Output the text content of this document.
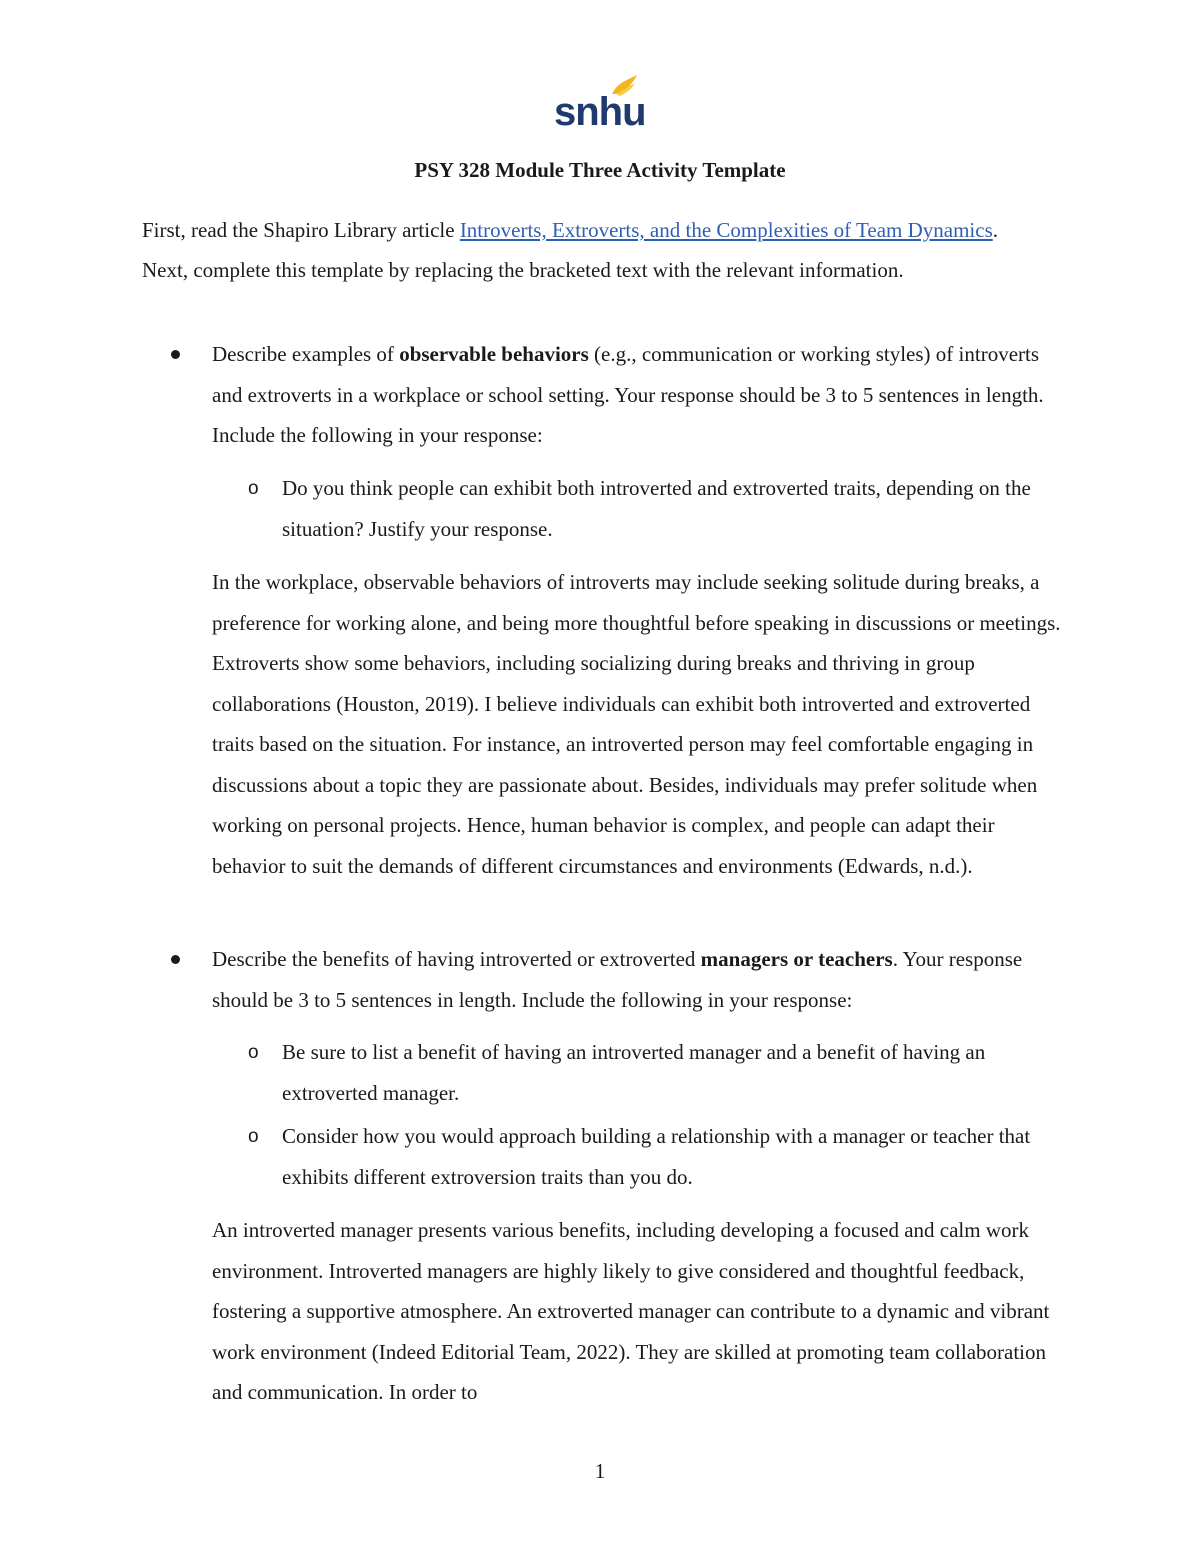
snhu
PSY 328 Module Three Activity Template
First, read the Shapiro Library article Introverts, Extroverts, and the Complexities of Team Dynamics. Next, complete this template by replacing the bracketed text with the relevant information.
Describe examples of observable behaviors (e.g., communication or working styles) of introverts and extroverts in a workplace or school setting. Your response should be 3 to 5 sentences in length. Include the following in your response:
o Do you think people can exhibit both introverted and extroverted traits, depending on the situation? Justify your response.
In the workplace, observable behaviors of introverts may include seeking solitude during breaks, a preference for working alone, and being more thoughtful before speaking in discussions or meetings. Extroverts show some behaviors, including socializing during breaks and thriving in group collaborations (Houston, 2019). I believe individuals can exhibit both introverted and extroverted traits based on the situation. For instance, an introverted person may feel comfortable engaging in discussions about a topic they are passionate about. Besides, individuals may prefer solitude when working on personal projects. Hence, human behavior is complex, and people can adapt their behavior to suit the demands of different circumstances and environments (Edwards, n.d.).
Describe the benefits of having introverted or extroverted managers or teachers. Your response should be 3 to 5 sentences in length. Include the following in your response:
o Be sure to list a benefit of having an introverted manager and a benefit of having an extroverted manager.
o Consider how you would approach building a relationship with a manager or teacher that exhibits different extroversion traits than you do.
An introverted manager presents various benefits, including developing a focused and calm work environment. Introverted managers are highly likely to give considered and thoughtful feedback, fostering a supportive atmosphere. An extroverted manager can contribute to a dynamic and vibrant work environment (Indeed Editorial Team, 2022). They are skilled at promoting team collaboration and communication. In order to
1
